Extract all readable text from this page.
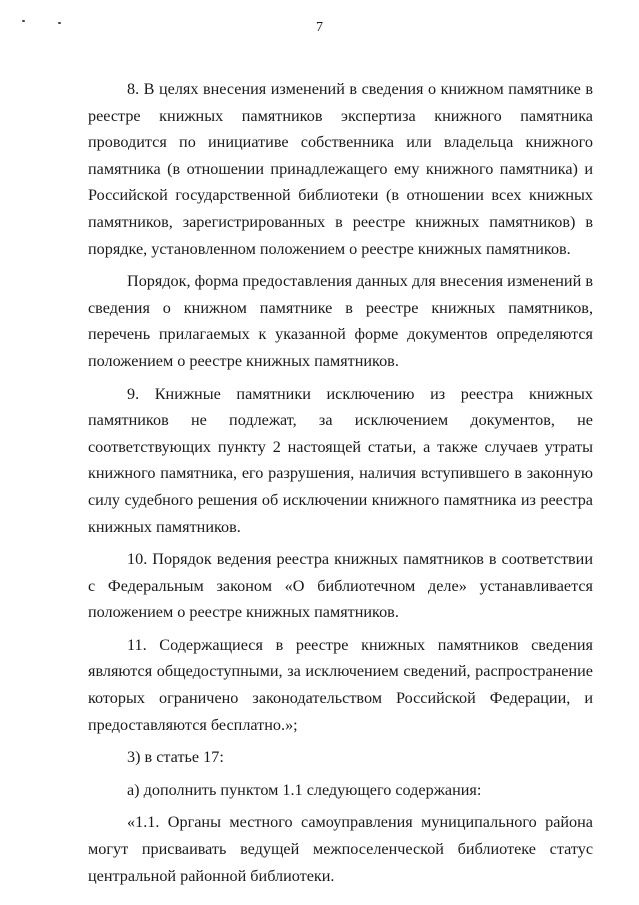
7

8. В целях внесения изменений в сведения о книжном памятнике в реестре книжных памятников экспертиза книжного памятника проводится по инициативе собственника или владельца книжного памятника (в отношении принадлежащего ему книжного памятника) и Российской государственной библиотеки (в отношении всех книжных памятников, зарегистрированных в реестре книжных памятников) в порядке, установленном положением о реестре книжных памятников.

Порядок, форма предоставления данных для внесения изменений в сведения о книжном памятнике в реестре книжных памятников, перечень прилагаемых к указанной форме документов определяются положением о реестре книжных памятников.

9. Книжные памятники исключению из реестра книжных памятников не подлежат, за исключением документов, не соответствующих пункту 2 настоящей статьи, а также случаев утраты книжного памятника, его разрушения, наличия вступившего в законную силу судебного решения об исключении книжного памятника из реестра книжных памятников.

10. Порядок ведения реестра книжных памятников в соответствии с Федеральным законом «О библиотечном деле» устанавливается положением о реестре книжных памятников.

11. Содержащиеся в реестре книжных памятников сведения являются общедоступными, за исключением сведений, распространение которых ограничено законодательством Российской Федерации, и предоставляются бесплатно.»;

3) в статье 17:

а) дополнить пунктом 1.1 следующего содержания:

«1.1. Органы местного самоуправления муниципального района могут присваивать ведущей межпоселенческой библиотеке статус центральной районной библиотеки.
